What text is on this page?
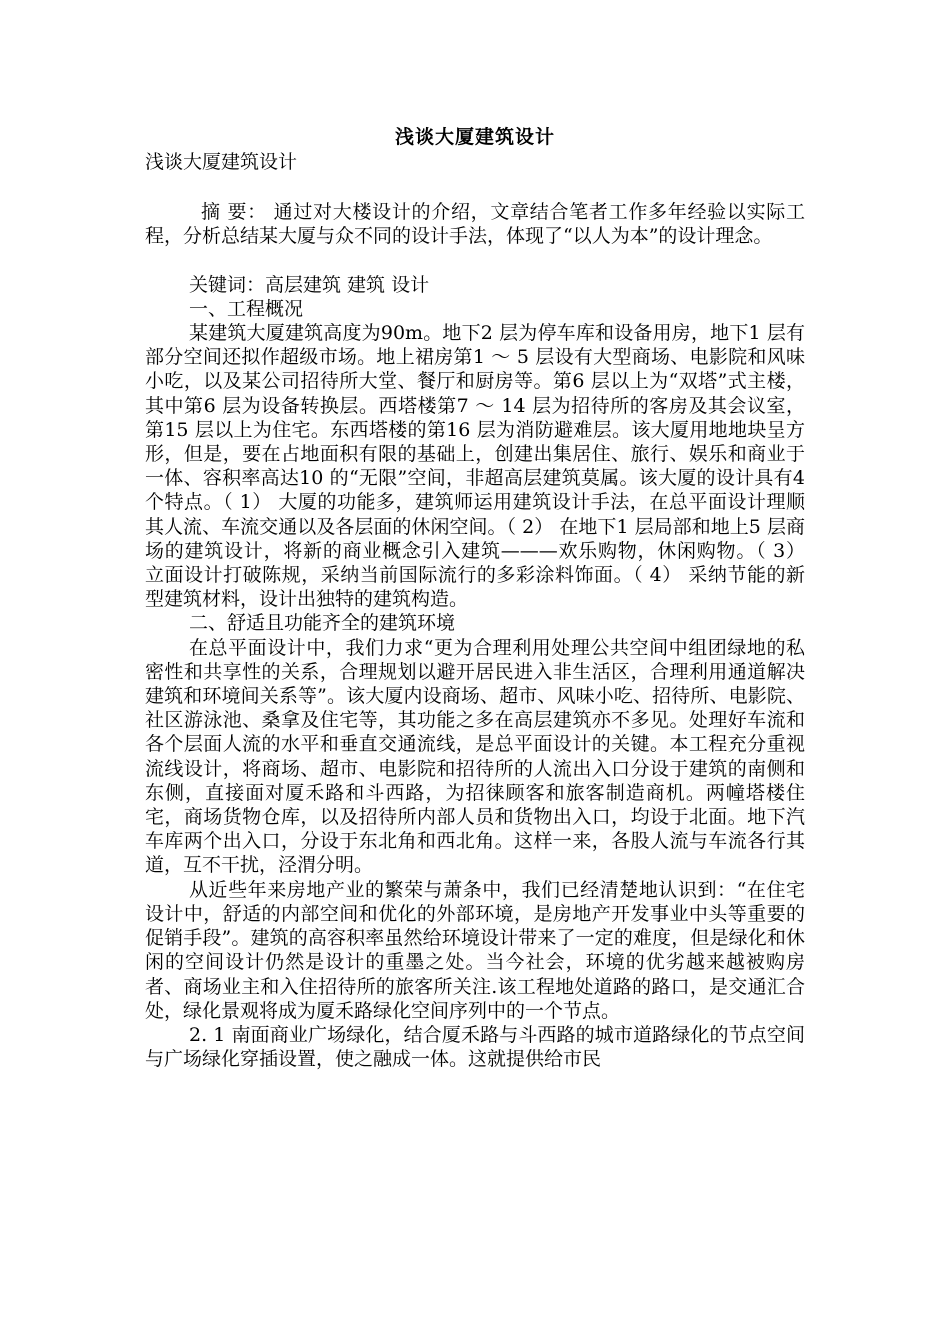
浅谈大厦建筑设计

浅谈大厦建筑设计

摘 要： 通过对大楼设计的介绍，文章结合笔者工作多年经验以实际工程，分析总结某大厦与众不同的设计手法，体现了“以人为本”的设计理念。

关键词：高层建筑 建筑 设计

一、工程概况

某建筑大厦建筑高度为90m。地下2 层为停车库和设备用房，地下1 层有部分空间还拟作超级市场。地上裙房第1 ～ 5 层设有大型商场、电影院和风味小吃，以及某公司招待所大堂、餐厅和厨房等。第6 层以上为“双塔”式主楼，其中第6 层为设备转换层。西塔楼第7 ～ 14 层为招待所的客房及其会议室，第15 层以上为住宅。东西塔楼的第16 层为消防避难层。该大厦用地地块呈方形，但是，要在占地面积有限的基础上，创建出集居住、旅行、娱乐和商业于一体、容积率高达10 的“无限”空间，非超高层建筑莫属。该大厦的设计具有4 个特点。（ 1） 大厦的功能多，建筑师运用建筑设计手法，在总平面设计理顺其人流、车流交通以及各层面的休闲空间。（ 2） 在地下1 层局部和地上5 层商场的建筑设计，将新的商业概念引入建筑———欢乐购物，休闲购物。（ 3） 立面设计打破陈规，采纳当前国际流行的多彩涂料饰面。（ 4） 采纳节能的新型建筑材料，设计出独特的建筑构造。

二、舒适且功能齐全的建筑环境

在总平面设计中，我们力求“更为合理利用处理公共空间中组团绿地的私密性和共享性的关系，合理规划以避开居民进入非生活区，合理利用通道解决建筑和环境间关系等”。该大厦内设商场、超市、风味小吃、招待所、电影院、社区游泳池、桑拿及住宅等，其功能之多在高层建筑亦不多见。处理好车流和各个层面人流的水平和垂直交通流线，是总平面设计的关键。本工程充分重视流线设计，将商场、超市、电影院和招待所的人流出入口分设于建筑的南侧和东侧，直接面对厦禾路和斗西路，为招徕顾客和旅客制造商机。两幢塔楼住宅，商场货物仓库，以及招待所内部人员和货物出入口，均设于北面。地下汽车库两个出入口，分设于东北角和西北角。这样一来，各股人流与车流各行其道，互不干扰，泾渭分明。

从近些年来房地产业的繁荣与萧条中，我们已经清楚地认识到：“在住宅设计中，舒适的内部空间和优化的外部环境，是房地产开发事业中头等重要的促销手段”。建筑的高容积率虽然给环境设计带来了一定的难度，但是绿化和休闲的空间设计仍然是设计的重墨之处。当今社会，环境的优劣越来越被购房者、商场业主和入住招待所的旅客所关注.该工程地处道路的路口，是交通汇合处，绿化景观将成为厦禾路绿化空间序列中的一个节点。

2. 1 南面商业广场绿化，结合厦禾路与斗西路的城市道路绿化的节点空间与广场绿化穿插设置，使之融成一体。这就提供给市民
